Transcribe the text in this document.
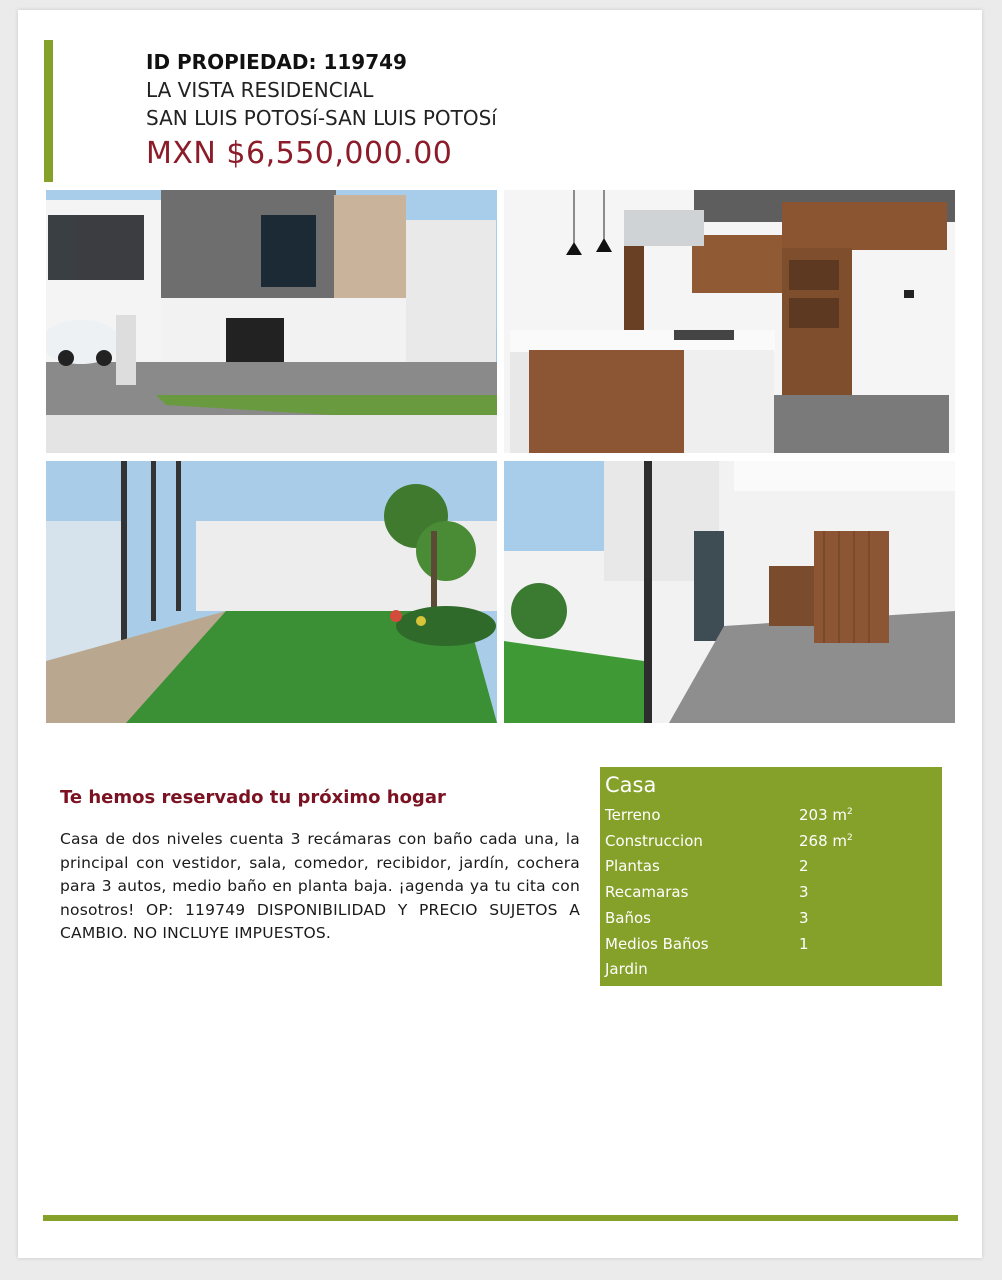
ID PROPIEDAD: 119749
LA VISTA RESIDENCIAL
SAN LUIS POTOSí-SAN LUIS POTOSí
MXN $6,550,000.00
Te hemos reservado tu próximo hogar
Casa de dos niveles cuenta 3 recámaras con baño cada una, la principal con vestidor, sala, comedor, recibidor, jardín, cochera para 3 autos, medio baño en planta baja. ¡agenda ya tu cita con nosotros! OP: 119749 DISPONIBILIDAD Y PRECIO SUJETOS A CAMBIO. NO INCLUYE IMPUESTOS.
Casa
Terreno	203 $m^2$
Construccion	268 $m^2$
Plantas	2
Recamaras	3
Baños	3
Medios Baños	1
Jardin
